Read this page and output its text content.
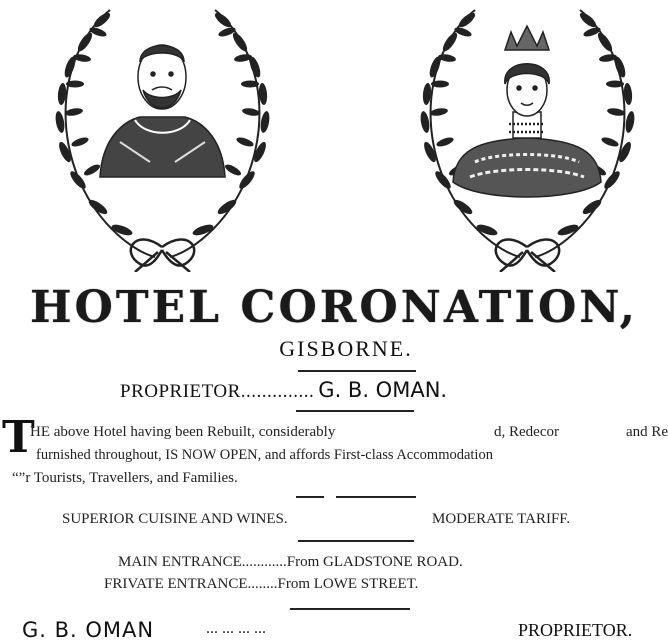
HOTEL CORONATION,
GISBORNE.
PROPRIETOR.............. G. B. OMAN.
T
HE above Hotel having been Rebuilt, considerably	d, Redecor	and Re
furnished throughout, IS NOW OPEN, and affords First-class Accommodation
“”r Tourists, Travellers, and Families.
SUPERIOR CUISINE AND WINES.	MODERATE TARIFF.
MAIN ENTRANCE............From GLADSTONE ROAD.
FRIVATE ENTRANCE........From LOWE STREET.
G. B. OMAN	... ... ... ...	PROPRIETOR.
